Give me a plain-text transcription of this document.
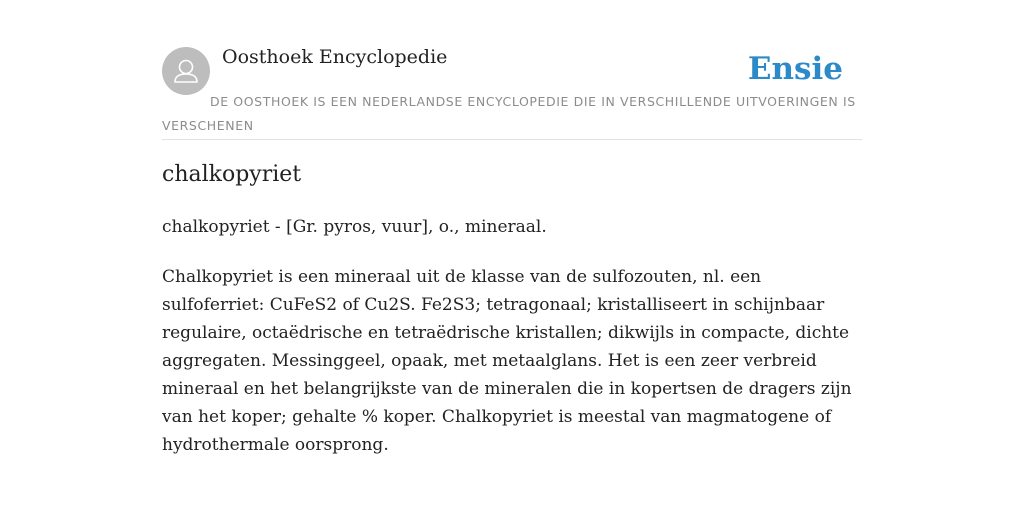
Oosthoek Encyclopedie	Ensie

DE OOSTHOEK IS EEN NEDERLANDSE ENCYCLOPEDIE DIE IN VERSCHILLENDE UITVOERINGEN IS VERSCHENEN

chalkopyriet

chalkopyriet - [Gr. pyros, vuur], o., mineraal.

Chalkopyriet is een mineraal uit de klasse van de sulfozouten, nl. een sulfoferriet: CuFeS2 of Cu2S. Fe2S3; tetragonaal; kristalliseert in schijnbaar regulaire, octaëdrische en tetraëdrische kristallen; dikwijls in compacte, dichte aggregaten. Messinggeel, opaak, met metaalglans. Het is een zeer verbreid mineraal en het belangrijkste van de mineralen die in kopertsen de dragers zijn van het koper; gehalte % koper. Chalkopyriet is meestal van magmatogene of hydrothermale oorsprong.
